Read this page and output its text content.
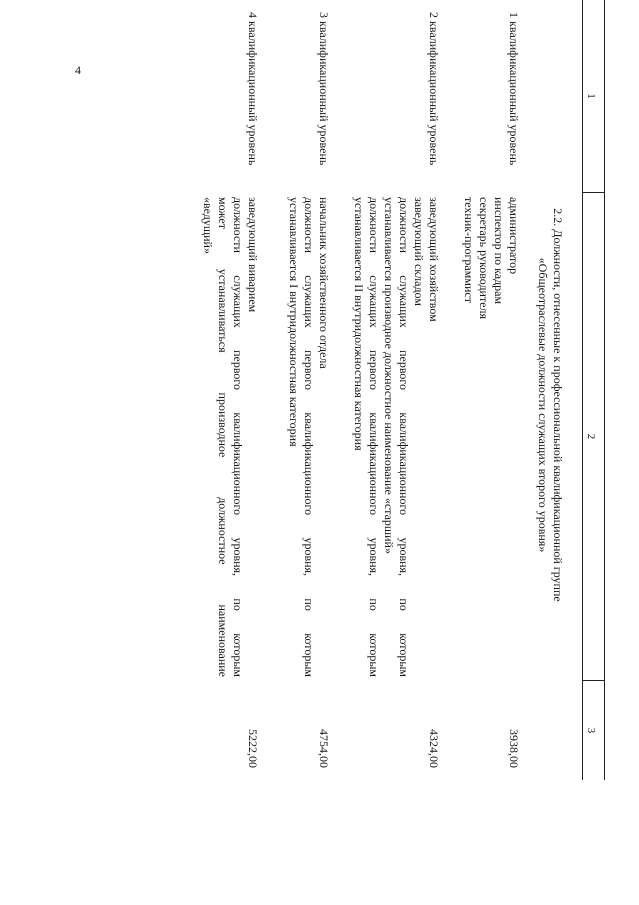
4
1
2
3
2.2. Должности, отнесенные к профессиональной квалификационной группе
«Общеотраслевые должности служащих второго уровня»
1 квалификационный уровень
администратор
инспектор по кадрам
секретарь руководителя
техник-программист
3938,00
2 квалификационный уровень
заведующий хозяйством
заведующий складом
должности служащих первого квалификационного уровня, по которым
устанавливается производное должностное наименование «старший»
должности служащих первого квалификационного уровня, по которым
устанавливается II внутридолжностная категория
4324,00
3 квалификационный уровень
начальник хозяйственного отдела
должности служащих первого квалификационного уровня, по которым
устанавливается I внутридолжностная категория
4754,00
4 квалификационный уровень
заведующий виварием
должности служащих первого квалификационного уровня, по которым
может устанавливаться производное должностное наименование
«ведущий»
5222,00
